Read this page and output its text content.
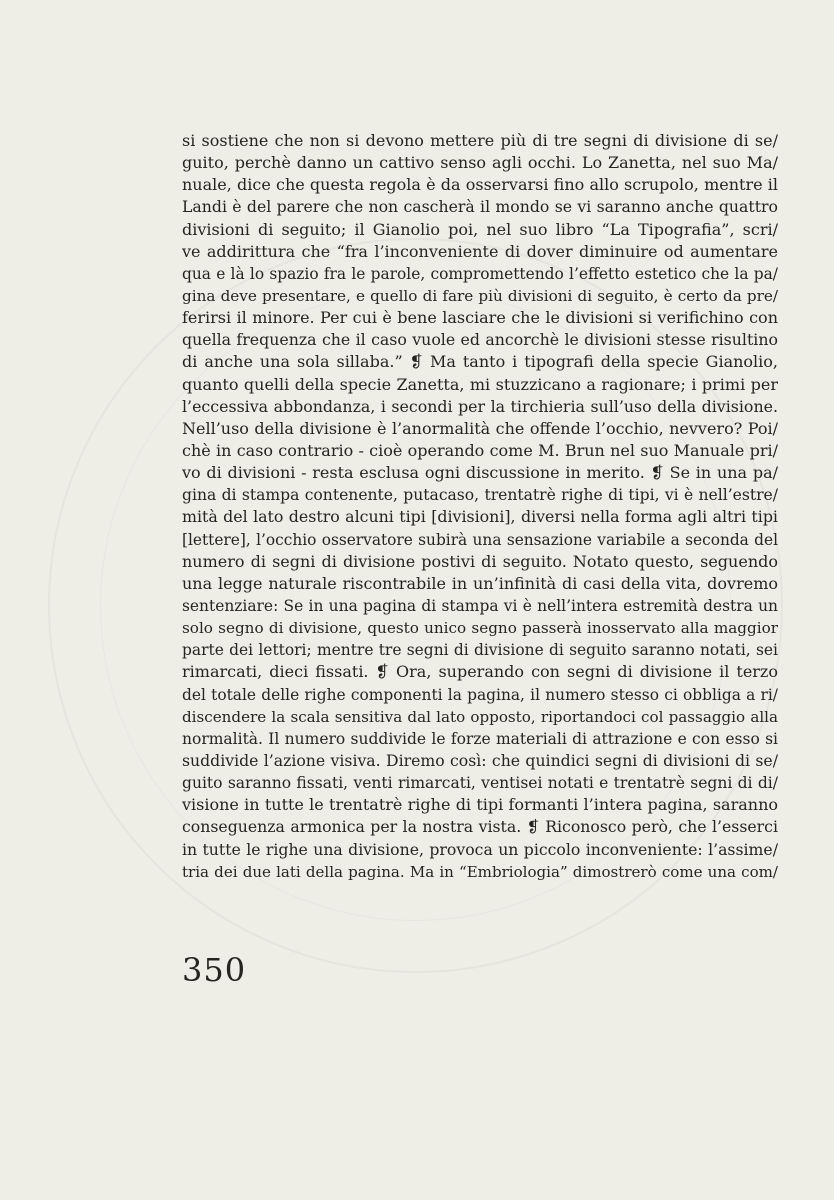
si sostiene che non si devono mettere più di tre segni di divisione di se/
guito, perchè danno un cattivo senso agli occhi. Lo Zanetta, nel suo Ma/
nuale, dice che questa regola è da osservarsi fino allo scrupolo, mentre il
Landi è del parere che non cascherà il mondo se vi saranno anche quattro
divisioni di seguito; il Gianolio poi, nel suo libro “La Tipografia”, scri/
ve addirittura che “fra l’inconveniente di dover diminuire od aumentare
qua e là lo spazio fra le parole, compromettendo l’effetto estetico che la pa/
gina deve presentare, e quello di fare più divisioni di seguito, è certo da pre/
ferirsi il minore. Per cui è bene lasciare che le divisioni si verifichino con
quella frequenza che il caso vuole ed ancorchè le divisioni stesse risultino
di anche una sola sillaba.” ❡ Ma tanto i tipografi della specie Gianolio,
quanto quelli della specie Zanetta, mi stuzzicano a ragionare; i primi per
l’eccessiva abbondanza, i secondi per la tirchieria sull’uso della divisione.
Nell’uso della divisione è l’anormalità che offende l’occhio, nevvero? Poi/
chè in caso contrario - cioè operando come M. Brun nel suo Manuale pri/
vo di divisioni - resta esclusa ogni discussione in merito. ❡ Se in una pa/
gina di stampa contenente, putacaso, trentatrè righe di tipi, vi è nell’estre/
mità del lato destro alcuni tipi [divisioni], diversi nella forma agli altri tipi
[lettere], l’occhio osservatore subirà una sensazione variabile a seconda del
numero di segni di divisione postivi di seguito. Notato questo, seguendo
una legge naturale riscontrabile in un’infinità di casi della vita, dovremo
sentenziare: Se in una pagina di stampa vi è nell’intera estremità destra un
solo segno di divisione, questo unico segno passerà inosservato alla maggior
parte dei lettori; mentre tre segni di divisione di seguito saranno notati, sei
rimarcati, dieci fissati. ❡ Ora, superando con segni di divisione il terzo
del totale delle righe componenti la pagina, il numero stesso ci obbliga a ri/
discendere la scala sensitiva dal lato opposto, riportandoci col passaggio alla
normalità. Il numero suddivide le forze materiali di attrazione e con esso si
suddivide l’azione visiva. Diremo così: che quindici segni di divisioni di se/
guito saranno fissati, venti rimarcati, ventisei notati e trentatrè segni di di/
visione in tutte le trentatrè righe di tipi formanti l’intera pagina, saranno
conseguenza armonica per la nostra vista. ❡ Riconosco però, che l’esserci
in tutte le righe una divisione, provoca un piccolo inconveniente: l’assime/
tria dei due lati della pagina. Ma in “Embriologia” dimostrerò come una com/
350
